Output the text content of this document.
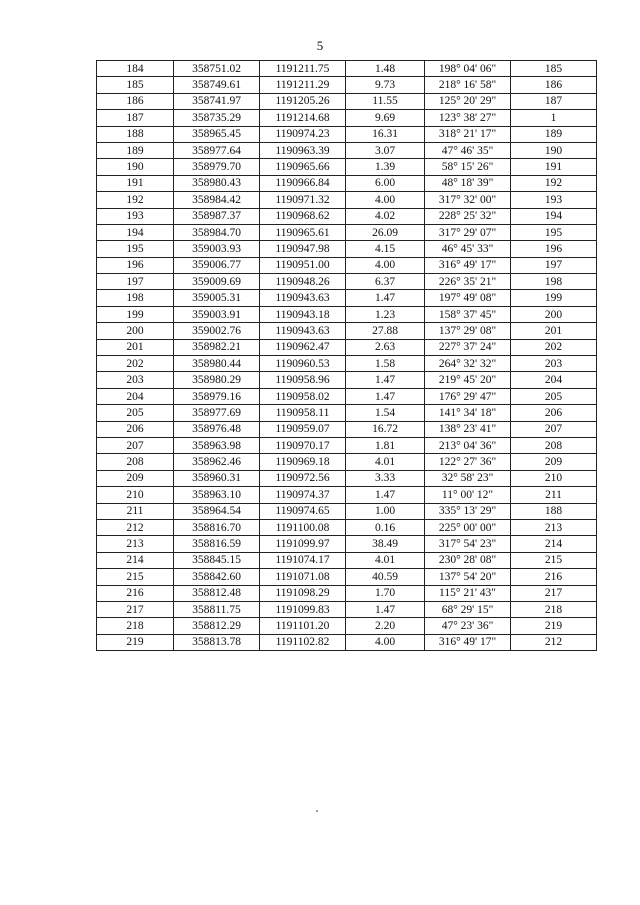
5
184	358751.02	1191211.75	1.48	198° 04' 06"	185
185	358749.61	1191211.29	9.73	218° 16' 58"	186
186	358741.97	1191205.26	11.55	125° 20' 29"	187
187	358735.29	1191214.68	9.69	123° 38' 27"	1
188	358965.45	1190974.23	16.31	318° 21' 17"	189
189	358977.64	1190963.39	3.07	47° 46' 35"	190
190	358979.70	1190965.66	1.39	58° 15' 26"	191
191	358980.43	1190966.84	6.00	48° 18' 39"	192
192	358984.42	1190971.32	4.00	317° 32' 00"	193
193	358987.37	1190968.62	4.02	228° 25' 32"	194
194	358984.70	1190965.61	26.09	317° 29' 07"	195
195	359003.93	1190947.98	4.15	46° 45' 33"	196
196	359006.77	1190951.00	4.00	316° 49' 17"	197
197	359009.69	1190948.26	6.37	226° 35' 21"	198
198	359005.31	1190943.63	1.47	197° 49' 08"	199
199	359003.91	1190943.18	1.23	158° 37' 45"	200
200	359002.76	1190943.63	27.88	137° 29' 08"	201
201	358982.21	1190962.47	2.63	227° 37' 24"	202
202	358980.44	1190960.53	1.58	264° 32' 32"	203
203	358980.29	1190958.96	1.47	219° 45' 20"	204
204	358979.16	1190958.02	1.47	176° 29' 47"	205
205	358977.69	1190958.11	1.54	141° 34' 18"	206
206	358976.48	1190959.07	16.72	138° 23' 41"	207
207	358963.98	1190970.17	1.81	213° 04' 36"	208
208	358962.46	1190969.18	4.01	122° 27' 36"	209
209	358960.31	1190972.56	3.33	32° 58' 23"	210
210	358963.10	1190974.37	1.47	11° 00' 12"	211
211	358964.54	1190974.65	1.00	335° 13' 29"	188
212	358816.70	1191100.08	0.16	225° 00' 00"	213
213	358816.59	1191099.97	38.49	317° 54' 23"	214
214	358845.15	1191074.17	4.01	230° 28' 08"	215
215	358842.60	1191071.08	40.59	137° 54' 20"	216
216	358812.48	1191098.29	1.70	115° 21' 43"	217
217	358811.75	1191099.83	1.47	68° 29' 15"	218
218	358812.29	1191101.20	2.20	47° 23' 36"	219
219	358813.78	1191102.82	4.00	316° 49' 17"	212
